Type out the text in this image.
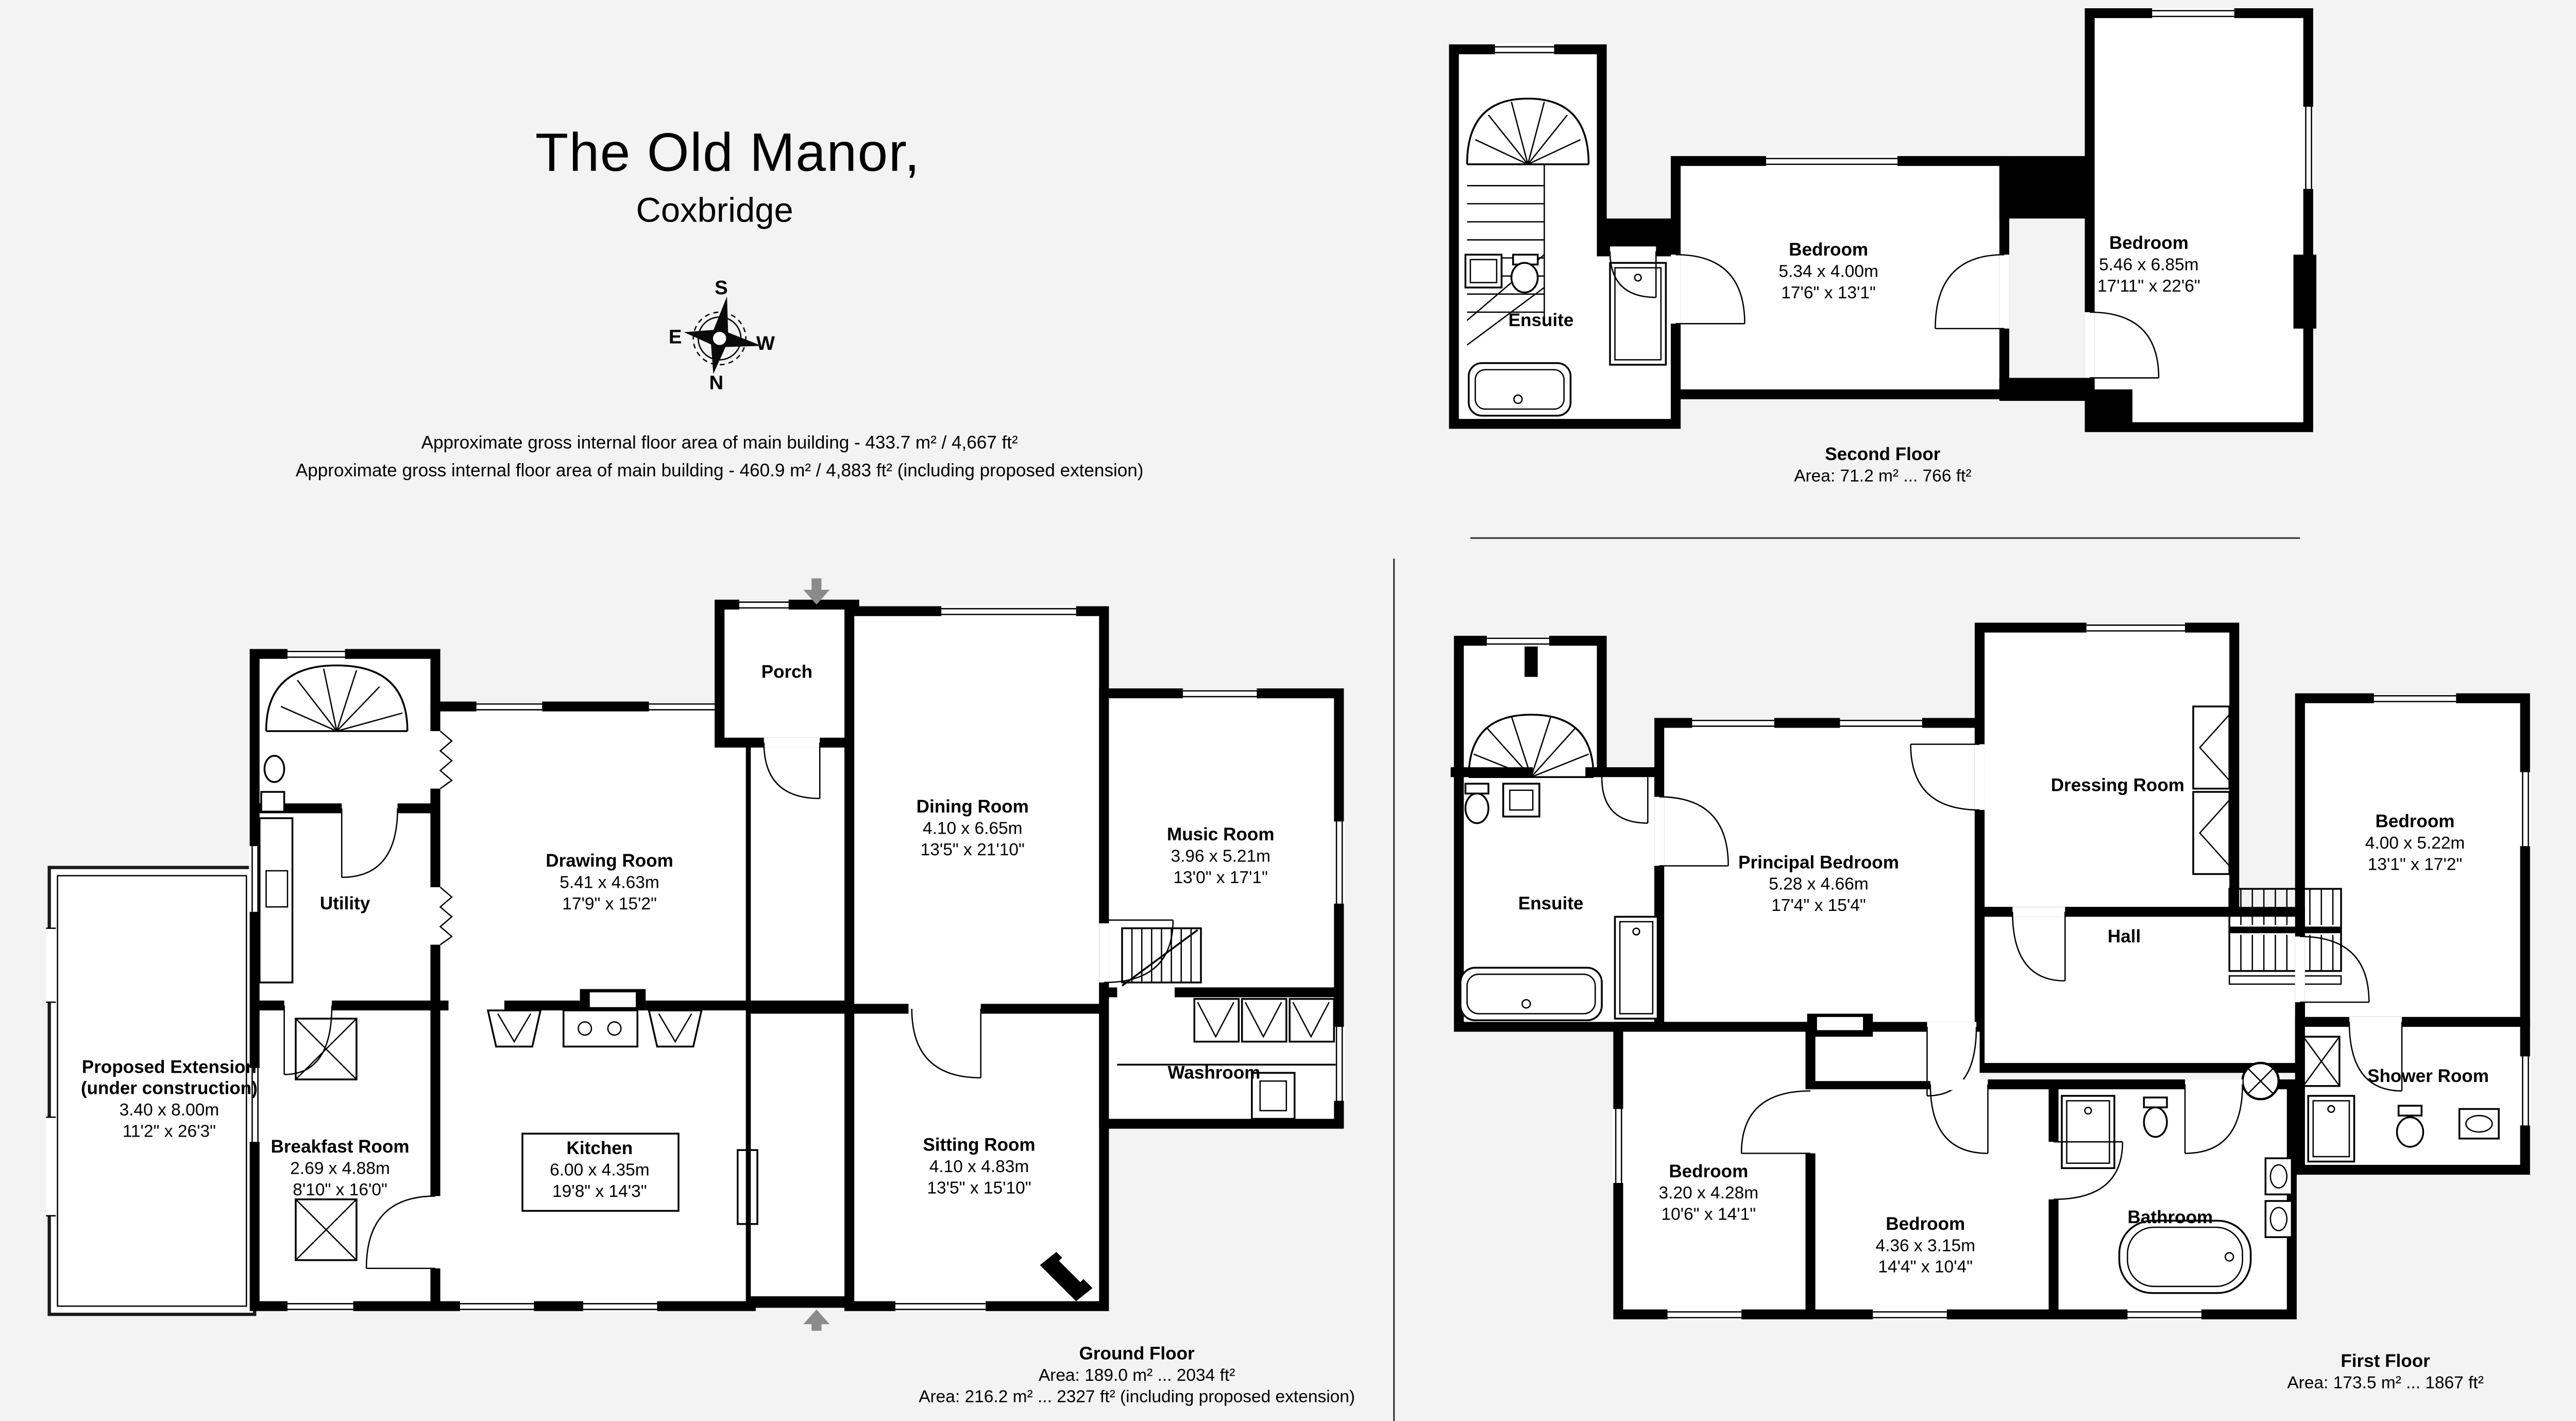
The Old Manor,
Coxbridge
S
E	W
N
Approximate gross internal floor area of main building - 433.7 m² / 4,667 ft²
Approximate gross internal floor area of main building - 460.9 m² / 4,883 ft² (including proposed extension)
Ensuite
Bedroom
5.34 x 4.00m
17'6" x 13'1"
Bedroom
5.46 x 6.85m
17'11" x 22'6"
Second Floor
Area: 71.2 m² ... 766 ft²
Porch
Drawing Room
5.41 x 4.63m
17'9" x 15'2"
Utility
Dining Room
4.10 x 6.65m
13'5" x 21'10"
Music Room
3.96 x 5.21m
13'0" x 17'1"
Washroom
Sitting Room
4.10 x 4.83m
13'5" x 15'10"
Proposed Extension
(under construction)
3.40 x 8.00m
11'2" x 26'3"
Breakfast Room
2.69 x 4.88m
8'10" x 16'0"
Kitchen
6.00 x 4.35m
19'8" x 14'3"
Ground Floor
Area: 189.0 m² ... 2034 ft²
Area: 216.2 m² ... 2327 ft² (including proposed extension)
Ensuite
Principal Bedroom
5.28 x 4.66m
17'4" x 15'4"
Dressing Room
Bedroom
4.00 x 5.22m
13'1" x 17'2"
Hall
Shower Room
Bedroom
3.20 x 4.28m
10'6" x 14'1"	Bedroom
4.36 x 3.15m
14'4" x 10'4"
Bathroom
First Floor
Area: 173.5 m² ... 1867 ft²
